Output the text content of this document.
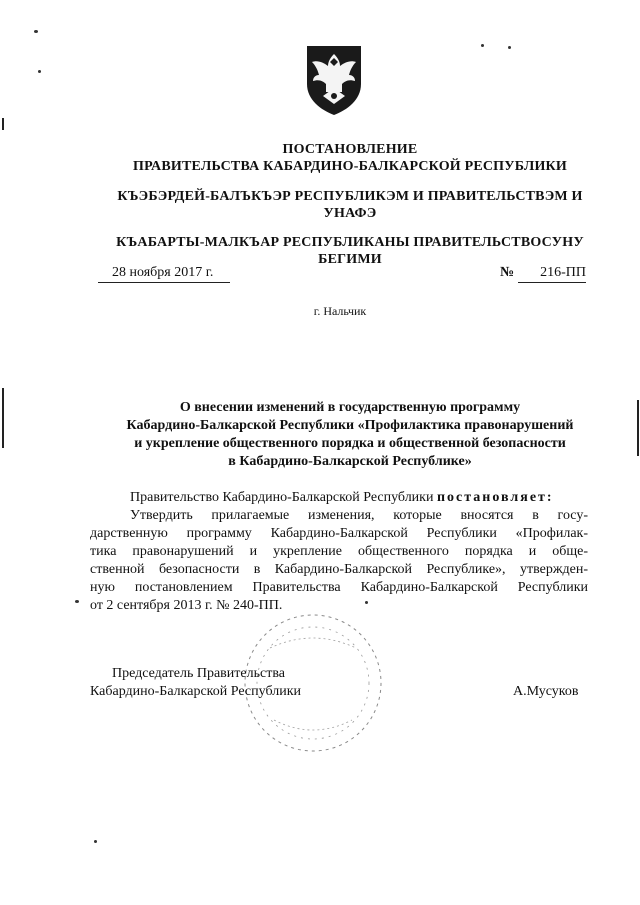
ПОСТАНОВЛЕНИЕ
ПРАВИТЕЛЬСТВА КАБАРДИНО-БАЛКАРСКОЙ РЕСПУБЛИКИ
КЪЭБЭРДЕЙ-БАЛЪКЪЭР РЕСПУБЛИКЭМ И ПРАВИТЕЛЬСТВЭМ И
УНАФЭ
КЪАБАРТЫ-МАЛКЪАР РЕСПУБЛИКАНЫ ПРАВИТЕЛЬСТВОСУНУ
БЕГИМИ
28 ноября 2017 г.	№	216-ПП
г. Нальчик
О внесении изменений в государственную программу
Кабардино-Балкарской Республики «Профилактика правонарушений
и укрепление общественного порядка и общественной безопасности
в Кабардино-Балкарской Республике»

Правительство Кабардино-Балкарской Республики постановляет:

Утвердить прилагаемые изменения, которые вносятся в госу-
дарственную программу Кабардино-Балкарской Республики «Профилак-
тика правонарушений и укрепление общественного порядка и обще-
ственной безопасности в Кабардино-Балкарской Республике», утвержден-
ную постановлением Правительства Кабардино-Балкарской Республики
от 2 сентября 2013 г. № 240-ПП.
Председатель Правительства
Кабардино-Балкарской Республики	А.Мусуков
